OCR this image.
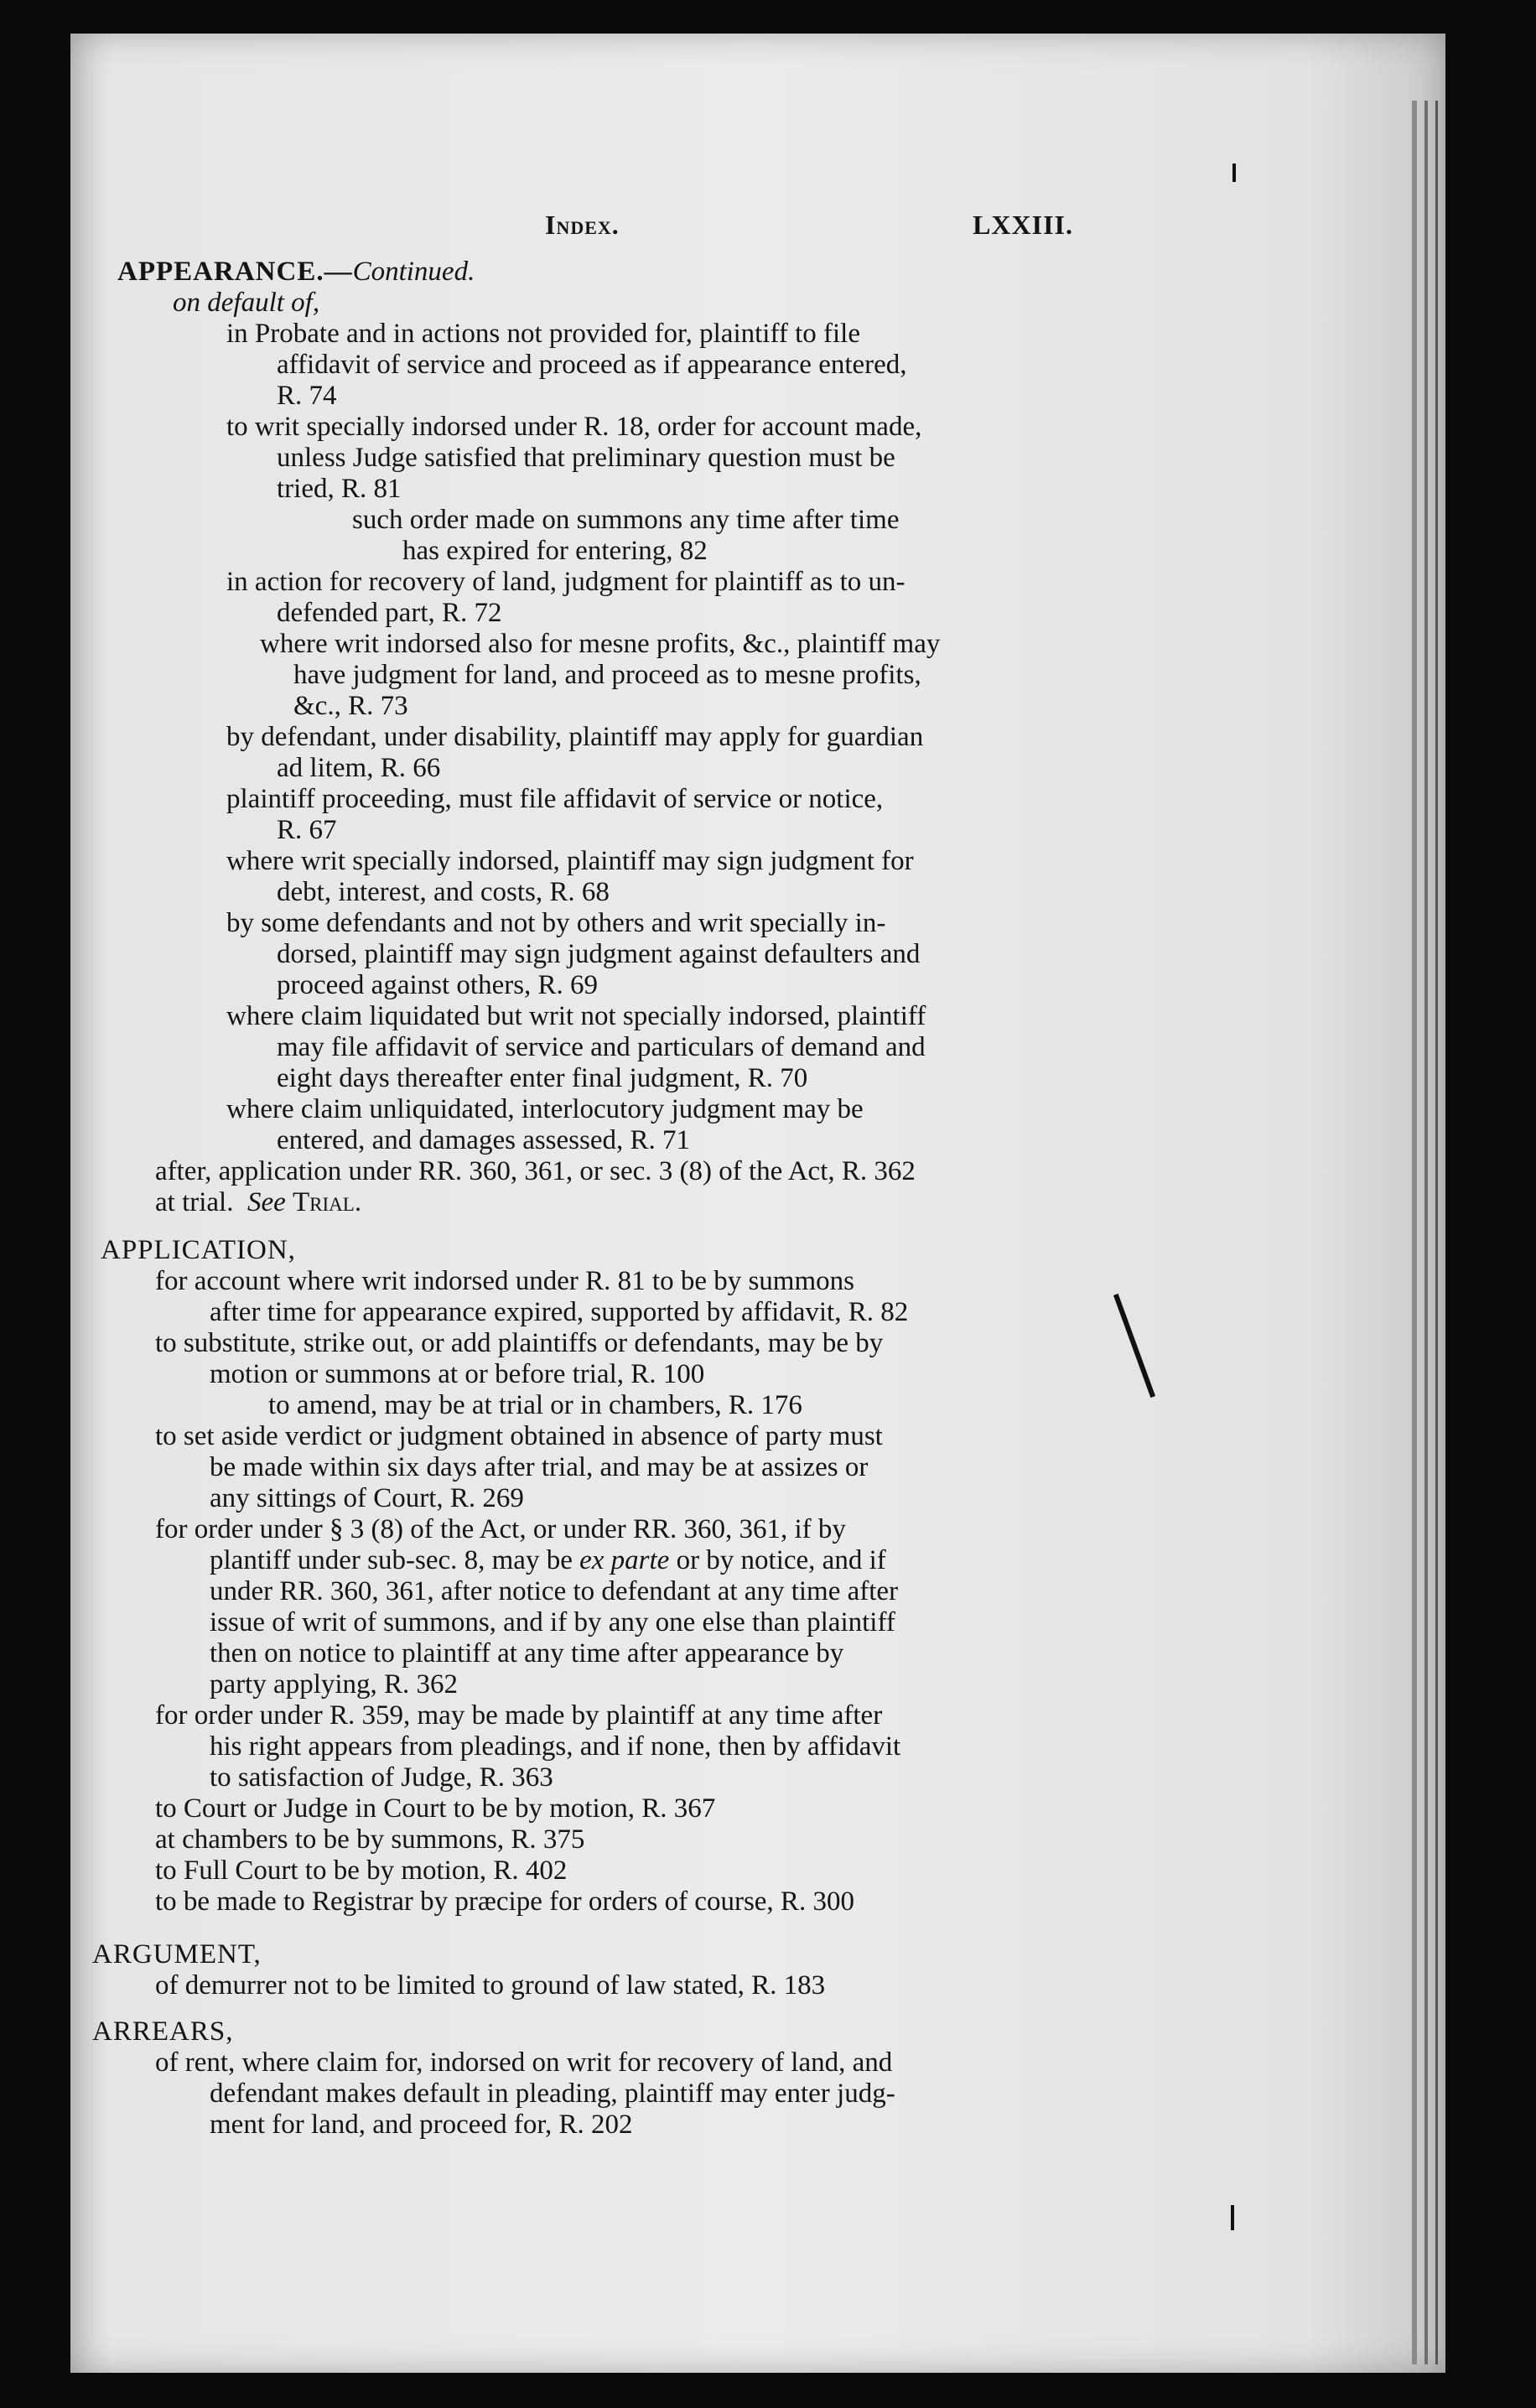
Index.	LXXIII.
APPEARANCE.—Continued.
on default of,
in Probate and in actions not provided for, plaintiff to file
affidavit of service and proceed as if appearance entered,
R. 74
to writ specially indorsed under R. 18, order for account made,
unless Judge satisfied that preliminary question must be
tried, R. 81
such order made on summons any time after time
has expired for entering, 82
in action for recovery of land, judgment for plaintiff as to un-
defended part, R. 72
where writ indorsed also for mesne profits, &c., plaintiff may
have judgment for land, and proceed as to mesne profits,
&c., R. 73
by defendant, under disability, plaintiff may apply for guardian
ad litem, R. 66
plaintiff proceeding, must file affidavit of service or notice,
R. 67
where writ specially indorsed, plaintiff may sign judgment for
debt, interest, and costs, R. 68
by some defendants and not by others and writ specially in-
dorsed, plaintiff may sign judgment against defaulters and
proceed against others, R. 69
where claim liquidated but writ not specially indorsed, plaintiff
may file affidavit of service and particulars of demand and
eight days thereafter enter final judgment, R. 70
where claim unliquidated, interlocutory judgment may be
entered, and damages assessed, R. 71
after, application under RR. 360, 361, or sec. 3 (8) of the Act, R. 362
at trial. See Trial.
APPLICATION,
for account where writ indorsed under R. 81 to be by summons
after time for appearance expired, supported by affidavit, R. 82
to substitute, strike out, or add plaintiffs or defendants, may be by
motion or summons at or before trial, R. 100
to amend, may be at trial or in chambers, R. 176
to set aside verdict or judgment obtained in absence of party must
be made within six days after trial, and may be at assizes or
any sittings of Court, R. 269
for order under § 3 (8) of the Act, or under RR. 360, 361, if by
plantiff under sub-sec. 8, may be ex parte or by notice, and if
under RR. 360, 361, after notice to defendant at any time after
issue of writ of summons, and if by any one else than plaintiff
then on notice to plaintiff at any time after appearance by
party applying, R. 362
for order under R. 359, may be made by plaintiff at any time after
his right appears from pleadings, and if none, then by affidavit
to satisfaction of Judge, R. 363
to Court or Judge in Court to be by motion, R. 367
at chambers to be by summons, R. 375
to Full Court to be by motion, R. 402
to be made to Registrar by præcipe for orders of course, R. 300
ARGUMENT,
of demurrer not to be limited to ground of law stated, R. 183
ARREARS,
of rent, where claim for, indorsed on writ for recovery of land, and
defendant makes default in pleading, plaintiff may enter judg-
ment for land, and proceed for, R. 202
